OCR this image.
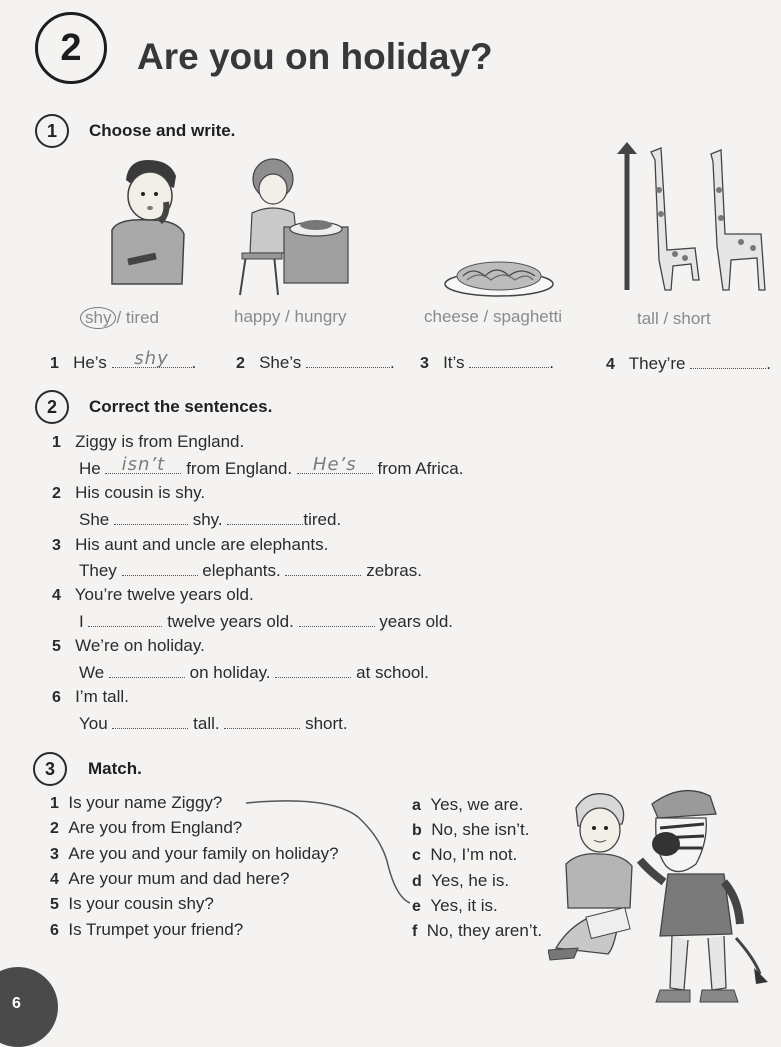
2 Are you on holiday?
1 Choose and write.
shy / tired	happy / hungry	cheese / spaghetti	tall / short
1 He’s	shy	. 2 She’s	. 3 It’s	.	4 They’re	.
2 Correct the sentences.
1 Ziggy is from England.
He	isn’t	from England.	He’s	from Africa.
2 His cousin is shy.
She	shy.	tired.
3 His aunt and uncle are elephants.
They	elephants.	zebras.
4 You’re twelve years old.
I	twelve years old.	years old.
5 We’re on holiday.
We	on holiday.	at school.
6 I’m tall.
You	tall.	short.
3 Match.
1 Is your name Ziggy?
2 Are you from England?
3 Are you and your family on holiday?
4 Are your mum and dad here?
5 Is your cousin shy?
6 Is Trumpet your friend?
a Yes, we are.
b No, she isn’t.
c No, I’m not.
d Yes, he is.
e Yes, it is.
f No, they aren’t.
6
